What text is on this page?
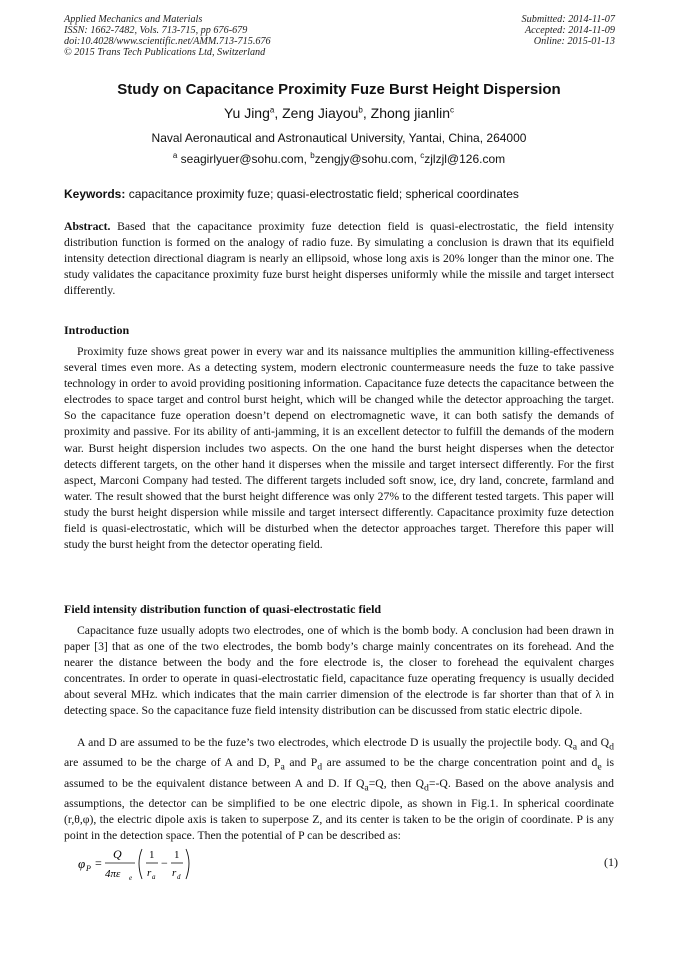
Applied Mechanics and Materials
ISSN: 1662-7482, Vols. 713-715, pp 676-679
doi:10.4028/www.scientific.net/AMM.713-715.676
© 2015 Trans Tech Publications Ltd, Switzerland
Submitted: 2014-11-07
Accepted: 2014-11-09
Online: 2015-01-13
Study on Capacitance Proximity Fuze Burst Height Dispersion
Yu Jing$^a$, Zeng Jiayou$^b$, Zhong jianlin$^c$
Naval Aeronautical and Astronautical University, Yantai, China, 264000
$^a$ seagirlyuer@sohu.com, $^b$zengjy@sohu.com, $^c$zjlzjl@126.com
Keywords: capacitance proximity fuze; quasi-electrostatic field; spherical coordinates
Abstract. Based that the capacitance proximity fuze detection field is quasi-electrostatic, the field intensity distribution function is formed on the analogy of radio fuze. By simulating a conclusion is drawn that its equifield intensity detection directional diagram is nearly an ellipsoid, whose long axis is 20% longer than the minor one. The study validates the capacitance proximity fuze burst height disperses uniformly while the missile and target intersect differently.
Introduction

Proximity fuze shows great power in every war and its naissance multiplies the ammunition killing-effectiveness several times even more. As a detecting system, modern electronic countermeasure needs the fuze to take passive technology in order to avoid providing positioning information. Capacitance fuze detects the capacitance between the electrodes to space target and control burst height, which will be changed while the detector approaching the target. So the capacitance fuze operation doesn’t depend on electromagnetic wave, it can both satisfy the demands of proximity and passive. For its ability of anti-jamming, it is an excellent detector to fulfill the demands of the modern war. Burst height dispersion includes two aspects. On the one hand the burst height disperses when the detector detects different targets, on the other hand it disperses when the missile and target intersect differently. For the first aspect, Marconi Company had tested. The different targets included soft snow, ice, dry land, concrete, farmland and water. The result showed that the burst height difference was only 27% to the different tested targets. This paper will study the burst height dispersion while missile and target intersect differently. Capacitance proximity fuze detection field is quasi-electrostatic, which will be disturbed when the detector approaches target. Therefore this paper will study the burst height from the detector operating field.

Field intensity distribution function of quasi-electrostatic field

Capacitance fuze usually adopts two electrodes, one of which is the bomb body. A conclusion had been drawn in paper [3] that as one of the two electrodes, the bomb body’s charge mainly concentrates on its forehead. And the nearer the distance between the body and the fore electrode is, the closer to forehead the equivalent charges concentrates. In order to operate in quasi-electrostatic field, capacitance fuze operating frequency is usually decided about several MHz. which indicates that the main carrier dimension of the electrode is far shorter than that of λ in detecting space. So the capacitance fuze field intensity distribution can be discussed from static electric dipole.

A and D are assumed to be the fuze’s two electrodes, which electrode D is usually the projectile body. $Q_a$ and $Q_d$ are assumed to be the charge of A and D, $P_a$ and $P_d$ are assumed to be the charge concentration point and $d_e$ is assumed to be the equivalent distance between A and D. If $Q_a=Q$, then $Q_d=-Q$. Based on the above analysis and assumptions, the detector can be simplified to be one electric dipole, as shown in Fig.1. In spherical coordinate (r,θ,φ), the electric dipole axis is taken to superpose Z, and its center is taken to be the origin of coordinate. P is any point in the detection space. Then the potential of P can be described as:

φ P =
Q
4πε e
1
r a
−
1
r d
(1)
